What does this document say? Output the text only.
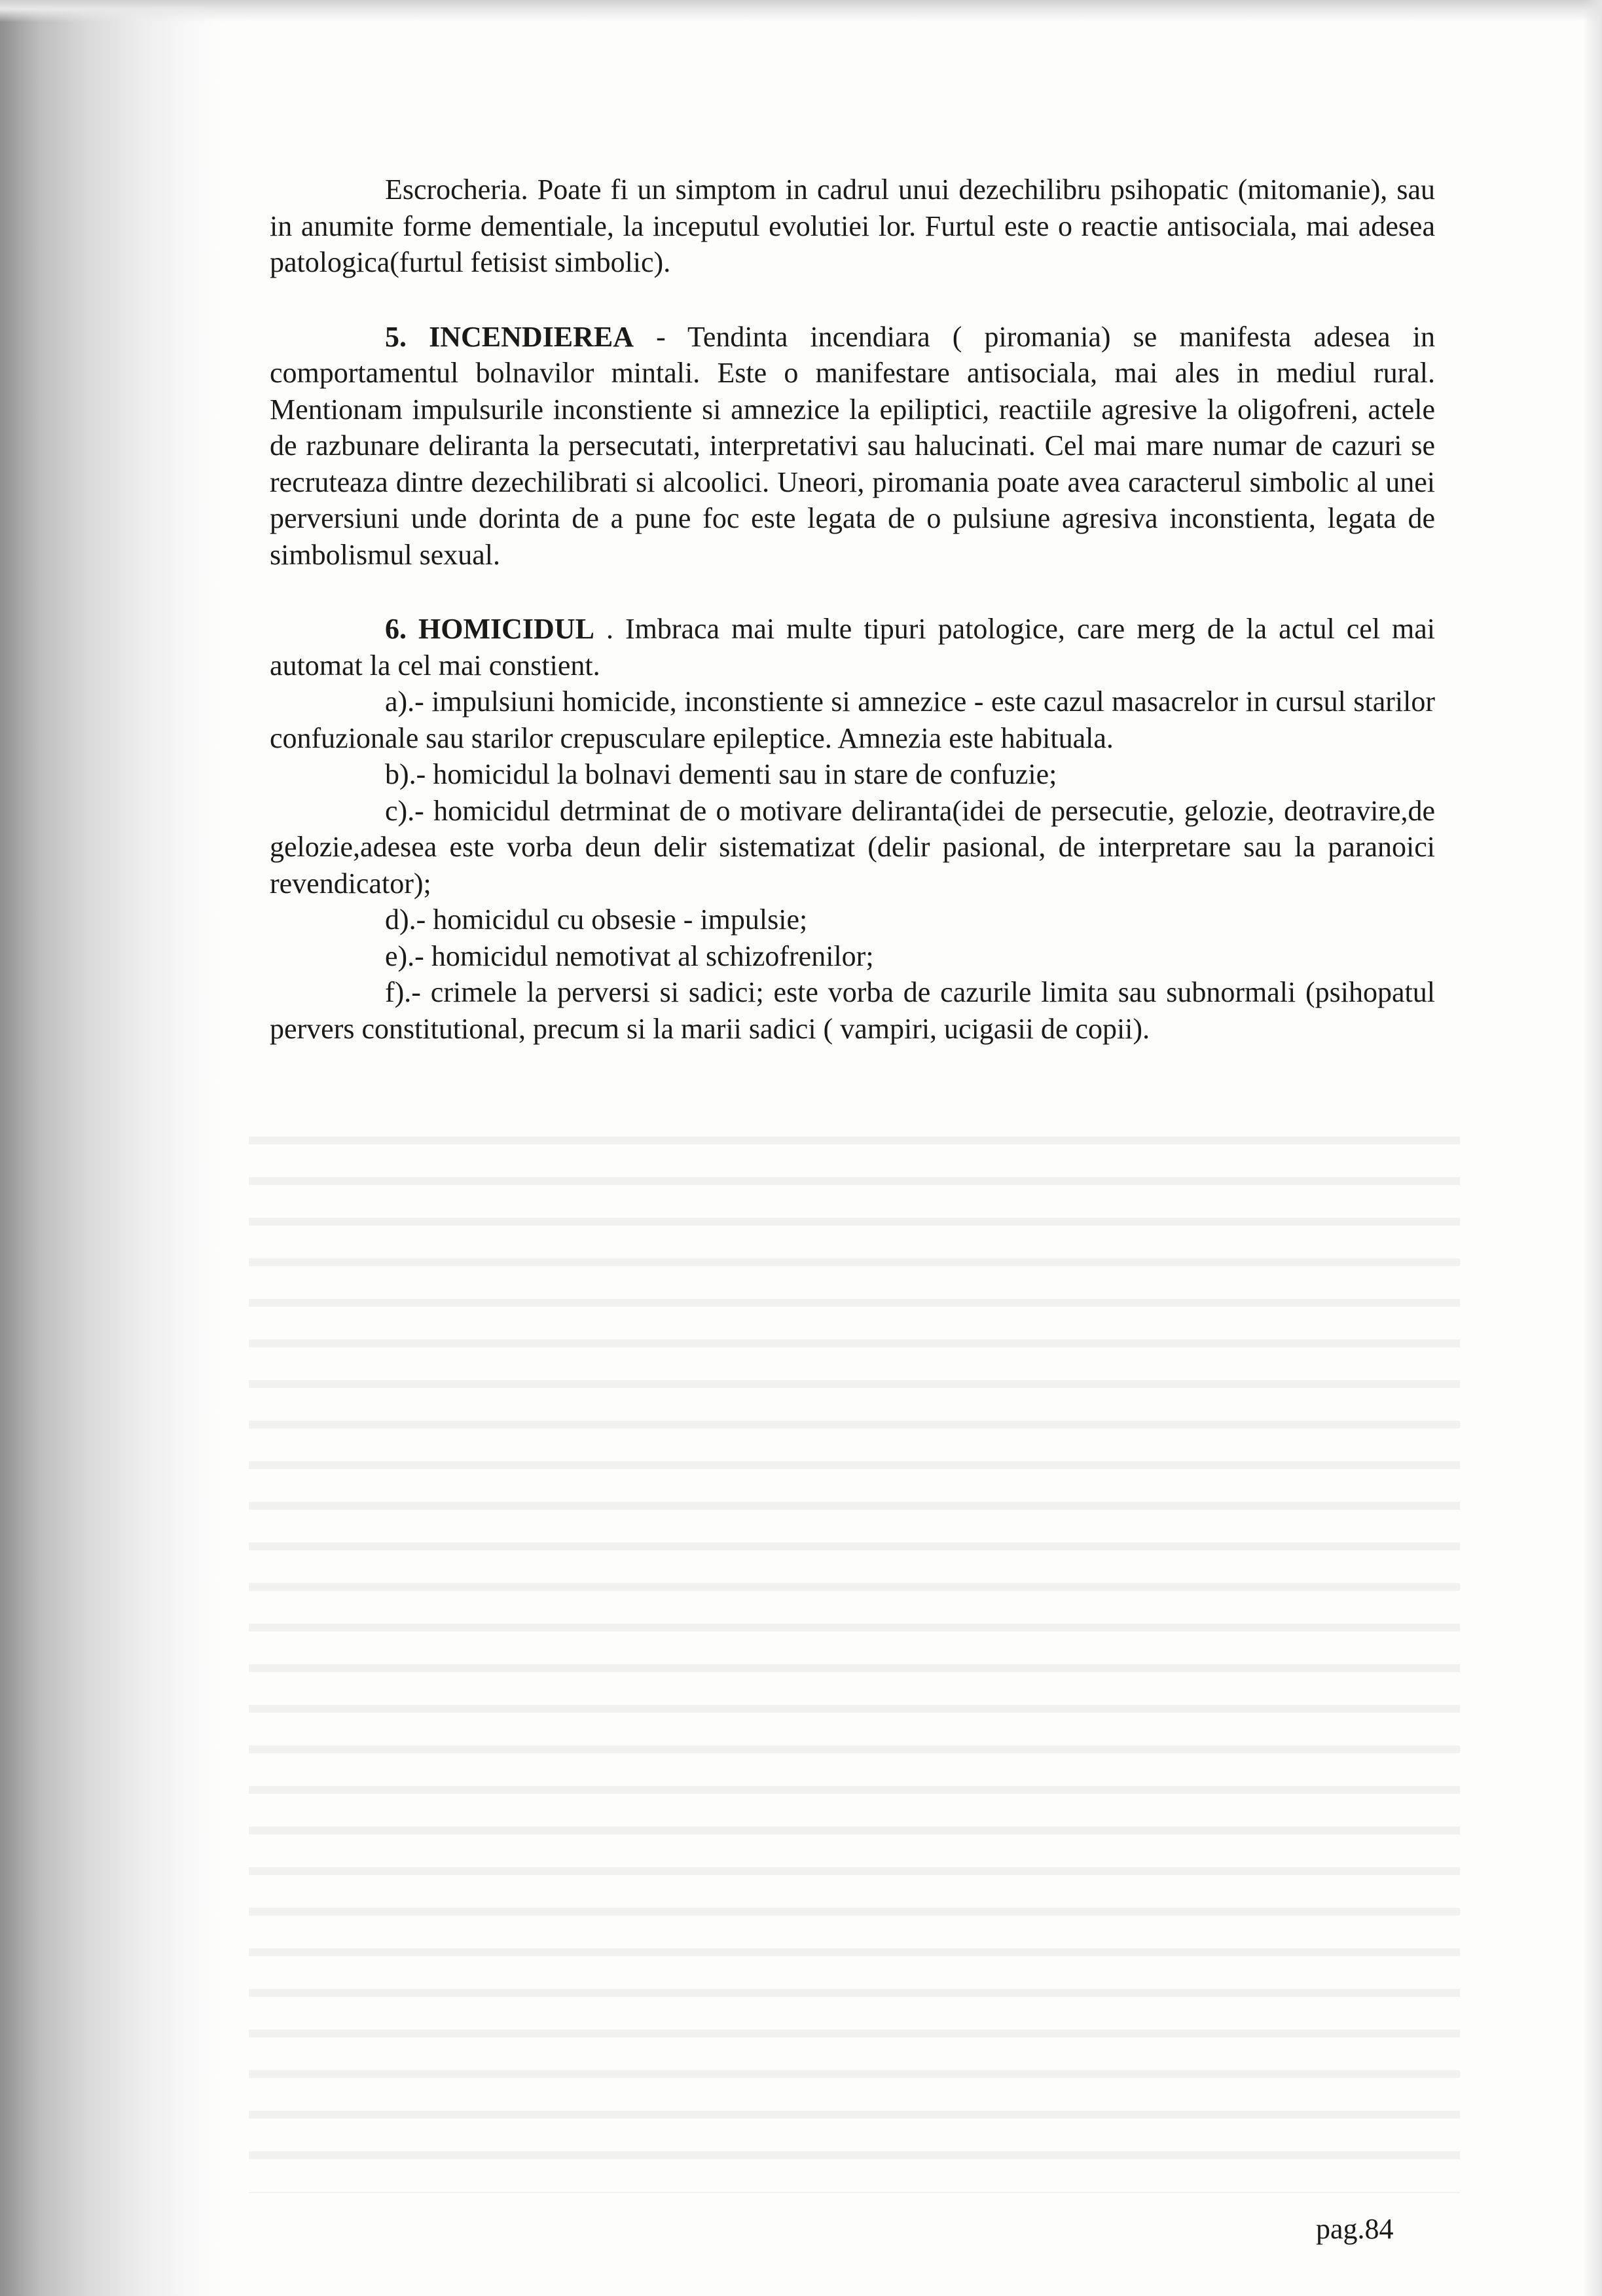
Escrocheria. Poate fi un simptom in cadrul unui dezechilibru psihopatic (mitomanie), sau in anumite forme dementiale, la inceputul evolutiei lor. Furtul este o reactie antisociala, mai adesea patologica(furtul fetisist simbolic).

5. INCENDIEREA - Tendinta incendiara ( piromania) se manifesta adesea in comportamentul bolnavilor mintali. Este o manifestare antisociala, mai ales in mediul rural. Mentionam impulsurile inconstiente si amnezice la epiliptici, reactiile agresive la oligofreni, actele de razbunare deliranta la persecutati, interpretativi sau halucinati. Cel mai mare numar de cazuri se recruteaza dintre dezechilibrati si alcoolici. Uneori, piromania poate avea caracterul simbolic al unei perversiuni unde dorinta de a pune foc este legata de o pulsiune agresiva inconstienta, legata de simbolismul sexual.

6. HOMICIDUL . Imbraca mai multe tipuri patologice, care merg de la actul cel mai automat la cel mai constient.

a).- impulsiuni homicide, inconstiente si amnezice - este cazul masacrelor in cursul starilor confuzionale sau starilor crepusculare epileptice. Amnezia este habituala.

b).- homicidul la bolnavi dementi sau in stare de confuzie;

c).- homicidul detrminat de o motivare deliranta(idei de persecutie, gelozie, deotravire,de gelozie,adesea este vorba deun delir sistematizat (delir pasional, de interpretare sau la paranoici revendicator);

d).- homicidul cu obsesie - impulsie;

e).- homicidul nemotivat al schizofrenilor;

f).- crimele la perversi si sadici; este vorba de cazurile limita sau subnormali (psihopatul pervers constitutional, precum si la marii sadici ( vampiri, ucigasii de copii).

pag.84
